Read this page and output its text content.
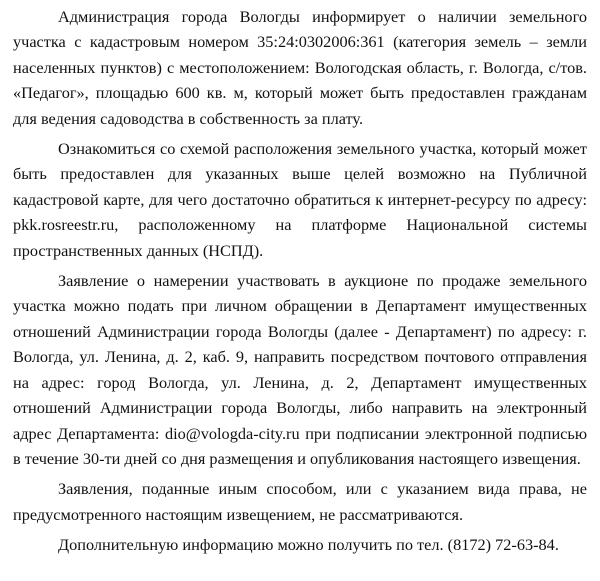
Администрация города Вологды информирует о наличии земельного участка с кадастровым номером 35:24:0302006:361 (категория земель – земли населенных пунктов) с местоположением: Вологодская область, г. Вологда, с/тов. «Педагог», площадью 600 кв. м, который может быть предоставлен гражданам для ведения садоводства в собственность за плату.

Ознакомиться со схемой расположения земельного участка, который может быть предоставлен для указанных выше целей возможно на Публичной кадастровой карте, для чего достаточно обратиться к интернет-ресурсу по адресу: pkk.rosreestr.ru, расположенному на платформе Национальной системы пространственных данных (НСПД).

Заявление о намерении участвовать в аукционе по продаже земельного участка можно подать при личном обращении в Департамент имущественных отношений Администрации города Вологды (далее - Департамент) по адресу: г. Вологда, ул. Ленина, д. 2, каб. 9, направить посредством почтового отправления на адрес: город Вологда, ул. Ленина, д. 2, Департамент имущественных отношений Администрации города Вологды, либо направить на электронный адрес Департамента: dio@vologda-city.ru при подписании электронной подписью в течение 30-ти дней со дня размещения и опубликования настоящего извещения.

Заявления, поданные иным способом, или с указанием вида права, не предусмотренного настоящим извещением, не рассматриваются.

Дополнительную информацию можно получить по тел. (8172) 72-63-84.
